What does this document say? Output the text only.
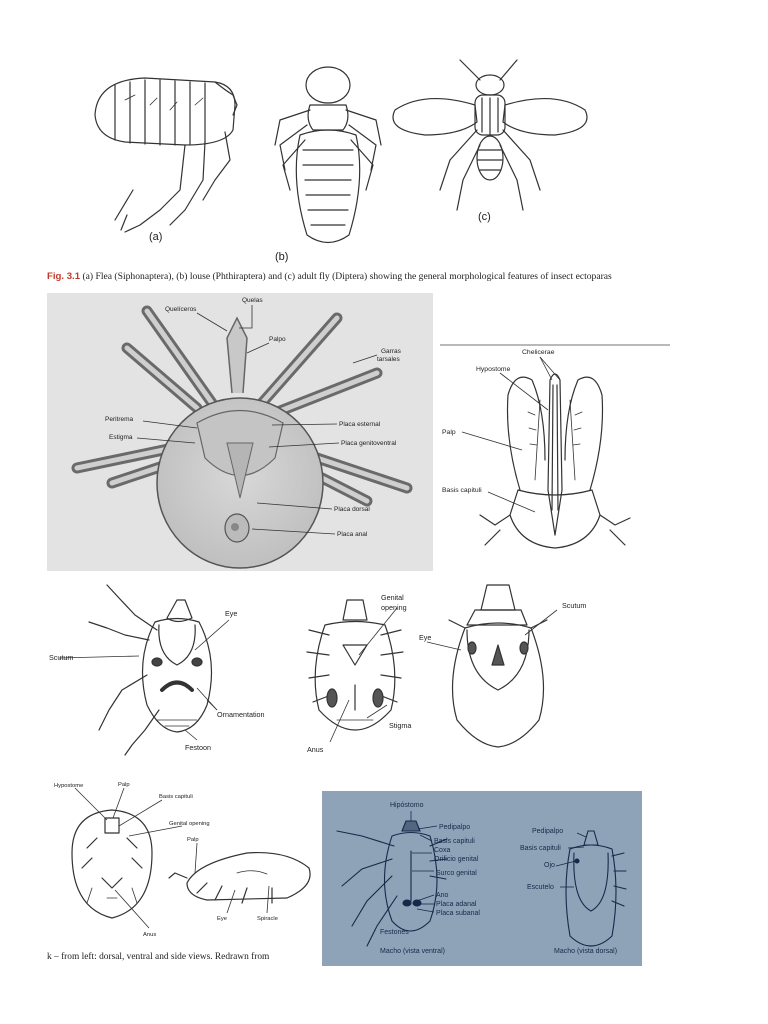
(a)
(b)
(c)
Fig. 3.1 (a) Flea (Siphonaptera), (b) louse (Phthiraptera) and (c) adult fly (Diptera) showing the general morphological features of insect ectoparas
Quelas
Quelíceros
Palpo
Garras
tarsales
Peritrema
Estigma
Placa esternal
Placa genitoventral
Placa dorsal
Placa anal
Chelicerae
Hypostome
Palp
Basis capituli
Scutum
Eye
Ornamentation
Festoon
Genital
opening
Anus
Stigma
Eye
Scutum
Hypostome	Palp
Basis capituli
Genital opening
Palp
Eye	Spiracle
Anus
k – from left: dorsal, ventral and side views. Redrawn from
Hipóstomo
Pedipalpo
Basis capituli
Coxa
Orificio genital
Surco genital
Ano
Placa adanal
Placa subanal
Festones
Macho (vista ventral)
Pedipalpo
Basis capituli
Ojo
Escutelo
Macho (vista dorsal)
